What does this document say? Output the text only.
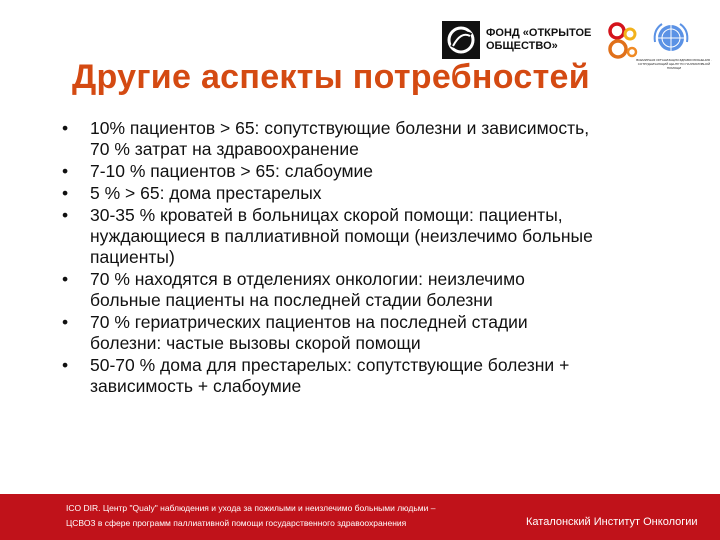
ФОНД «ОТКРЫТОЕ
ОБЩЕСТВО»
ВСЕМИРНАЯ ОРГАНИЗАЦИЯ ЗДРАВООХРАНЕНИЯ · СОТРУДНИЧАЮЩИЙ ЦЕНТР ПО ПАЛЛИАТИВНОЙ ПОМОЩИ
Другие аспекты потребностей
• 10% пациентов > 65: сопутствующие болезни и зависимость,
70 % затрат на здравоохранение
• 7-10 % пациентов > 65: слабоумие
• 5 % > 65: дома престарелых
• 30-35 % кроватей в больницах скорой помощи: пациенты,
нуждающиеся в паллиативной помощи (неизлечимо больные
пациенты)
• 70 % находятся в отделениях онкологии: неизлечимо
больные пациенты на последней стадии болезни
• 70 % гериатрических пациентов на последней стадии
болезни: частые вызовы скорой помощи
• 50-70 % дома для престарелых: сопутствующие болезни +
зависимость + слабоумие
ICO DIR. Центр "Qualy" наблюдения и ухода за пожилыми и неизлечимо больными людьми –
ЦСВОЗ в сфере программ паллиативной помощи государственного здравоохранения	Каталонский Институт Онкологии
